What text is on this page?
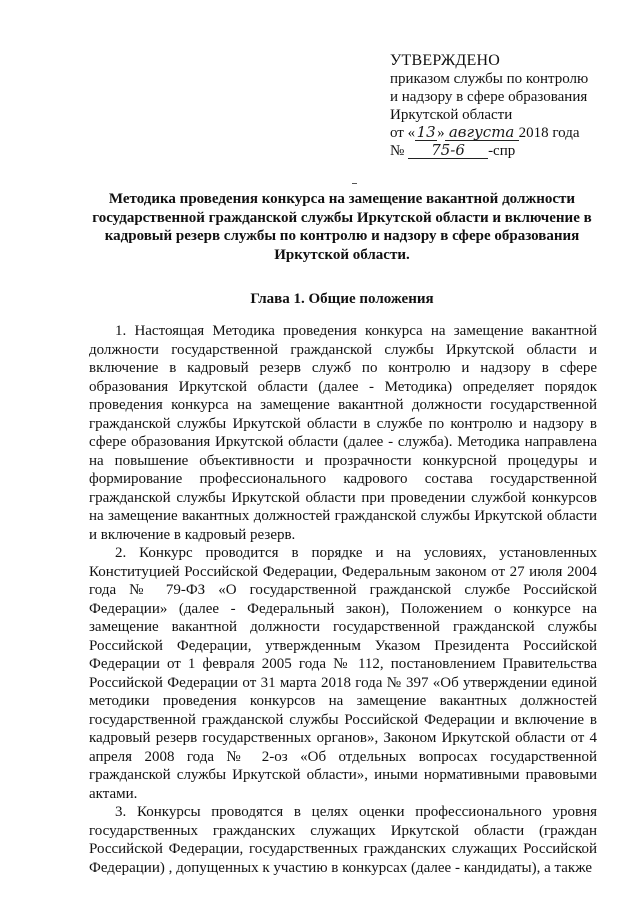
УТВЕРЖДЕНО
приказом службы по контролю
и надзору в сфере образования
Иркутской области
от «13» августа 2018 года
№ 75-6 -спр
Методика проведения конкурса на замещение вакантной должности государственной гражданской службы Иркутской области и включение в кадровый резерв службы по контролю и надзору в сфере образования Иркутской области.
Глава 1. Общие положения

1. Настоящая Методика проведения конкурса на замещение вакантной должности государственной гражданской службы Иркутской области и включение в кадровый резерв служб по контролю и надзору в сфере образования Иркутской области (далее - Методика) определяет порядок проведения конкурса на замещение вакантной должности государственной гражданской службы Иркутской области в службе по контролю и надзору в сфере образования Иркутской области (далее - служба). Методика направлена на повышение объективности и прозрачности конкурсной процедуры и формирование профессионального кадрового состава государственной гражданской службы Иркутской области при проведении службой конкурсов на замещение вакантных должностей гражданской службы Иркутской области и включение в кадровый резерв.

2. Конкурс проводится в порядке и на условиях, установленных Конституцией Российской Федерации, Федеральным законом от 27 июля 2004 года № 79-ФЗ «О государственной гражданской службе Российской Федерации» (далее - Федеральный закон), Положением о конкурсе на замещение вакантной должности государственной гражданской службы Российской Федерации, утвержденным Указом Президента Российской Федерации от 1 февраля 2005 года № 112, постановлением Правительства Российской Федерации от 31 марта 2018 года № 397 «Об утверждении единой методики проведения конкурсов на замещение вакантных должностей государственной гражданской службы Российской Федерации и включение в кадровый резерв государственных органов», Законом Иркутской области от 4 апреля 2008 года № 2-оз «Об отдельных вопросах государственной гражданской службы Иркутской области», иными нормативными правовыми актами.

3. Конкурсы проводятся в целях оценки профессионального уровня государственных гражданских служащих Иркутской области (граждан Российской Федерации, государственных гражданских служащих Российской Федерации) , допущенных к участию в конкурсах (далее - кандидаты), а также
